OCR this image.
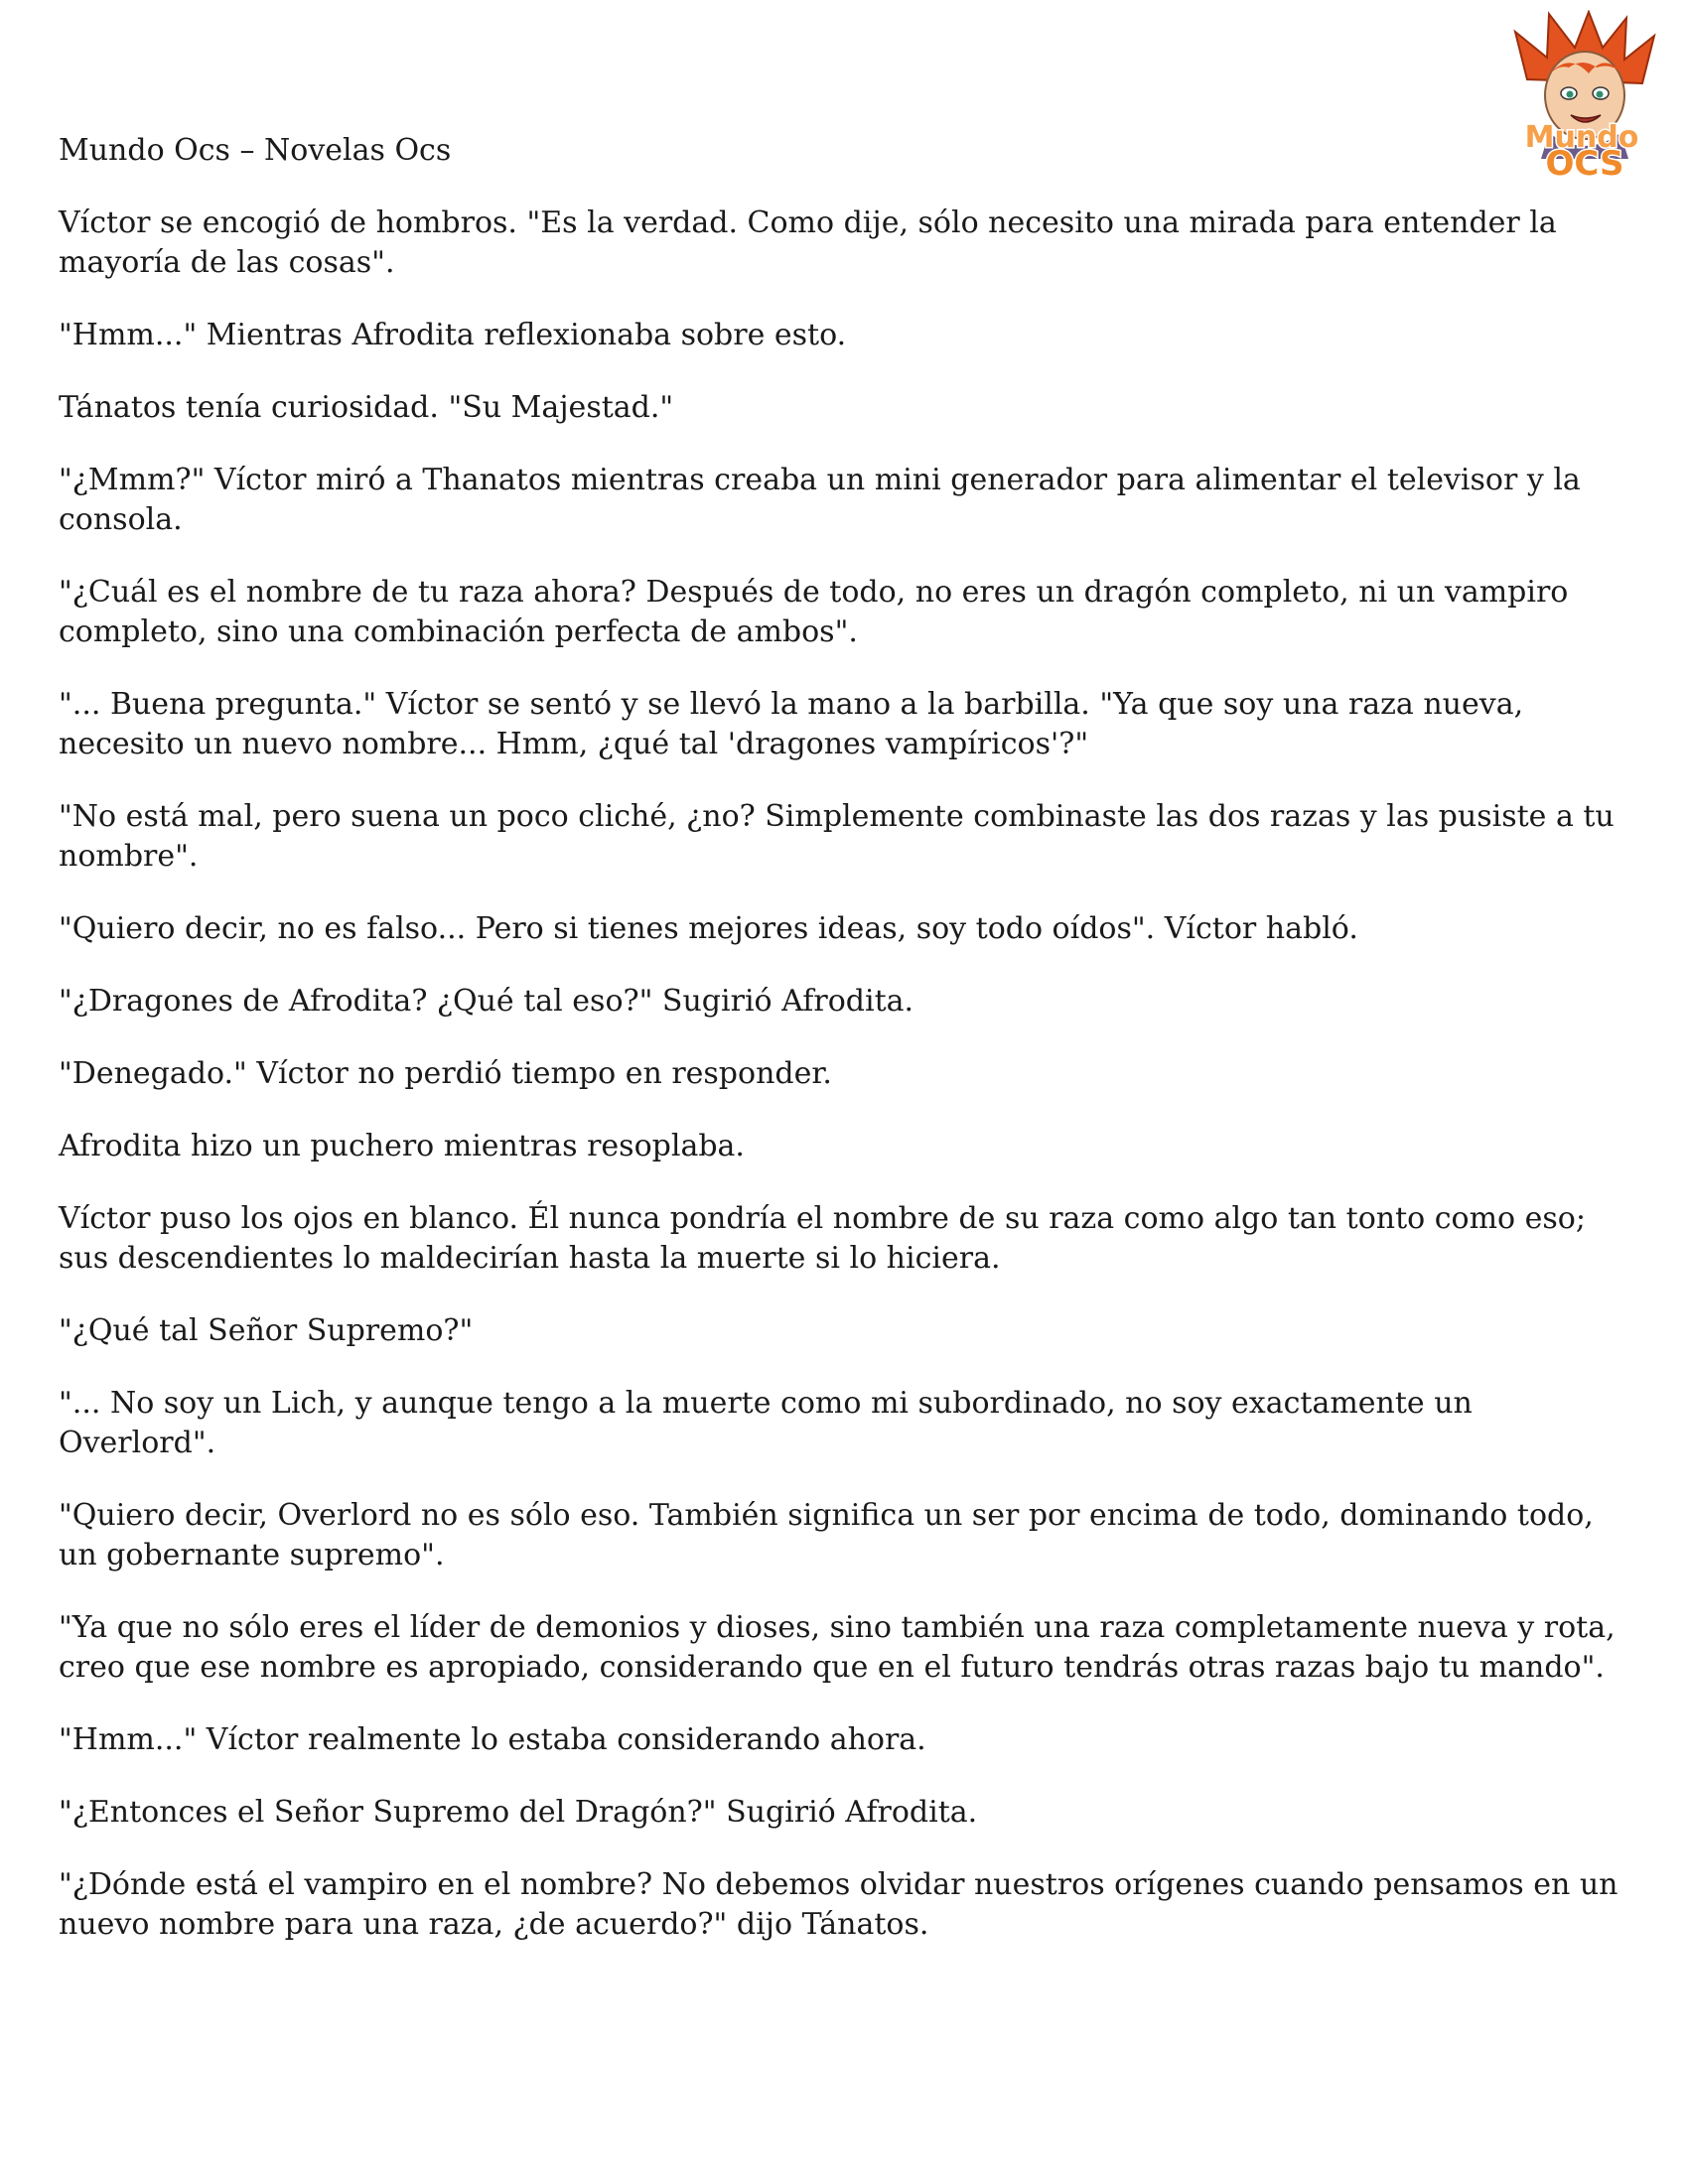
Mundo
OCS
Mundo Ocs – Novelas Ocs

Víctor se encogió de hombros. "Es la verdad. Como dije, sólo necesito una mirada para entender la mayoría de las cosas".

"Hmm..." Mientras Afrodita reflexionaba sobre esto.

Tánatos tenía curiosidad. "Su Majestad."

"¿Mmm?" Víctor miró a Thanatos mientras creaba un mini generador para alimentar el televisor y la consola.

"¿Cuál es el nombre de tu raza ahora? Después de todo, no eres un dragón completo, ni un vampiro completo, sino una combinación perfecta de ambos".

"... Buena pregunta." Víctor se sentó y se llevó la mano a la barbilla. "Ya que soy una raza nueva, necesito un nuevo nombre... Hmm, ¿qué tal 'dragones vampíricos'?"

"No está mal, pero suena un poco cliché, ¿no? Simplemente combinaste las dos razas y las pusiste a tu nombre".

"Quiero decir, no es falso... Pero si tienes mejores ideas, soy todo oídos". Víctor habló.

"¿Dragones de Afrodita? ¿Qué tal eso?" Sugirió Afrodita.

"Denegado." Víctor no perdió tiempo en responder.

Afrodita hizo un puchero mientras resoplaba.

Víctor puso los ojos en blanco. Él nunca pondría el nombre de su raza como algo tan tonto como eso; sus descendientes lo maldecirían hasta la muerte si lo hiciera.

"¿Qué tal Señor Supremo?"

"... No soy un Lich, y aunque tengo a la muerte como mi subordinado, no soy exactamente un Overlord".

"Quiero decir, Overlord no es sólo eso. También significa un ser por encima de todo, dominando todo, un gobernante supremo".

"Ya que no sólo eres el líder de demonios y dioses, sino también una raza completamente nueva y rota, creo que ese nombre es apropiado, considerando que en el futuro tendrás otras razas bajo tu mando".

"Hmm..." Víctor realmente lo estaba considerando ahora.

"¿Entonces el Señor Supremo del Dragón?" Sugirió Afrodita.

"¿Dónde está el vampiro en el nombre? No debemos olvidar nuestros orígenes cuando pensamos en un nuevo nombre para una raza, ¿de acuerdo?" dijo Tánatos.
